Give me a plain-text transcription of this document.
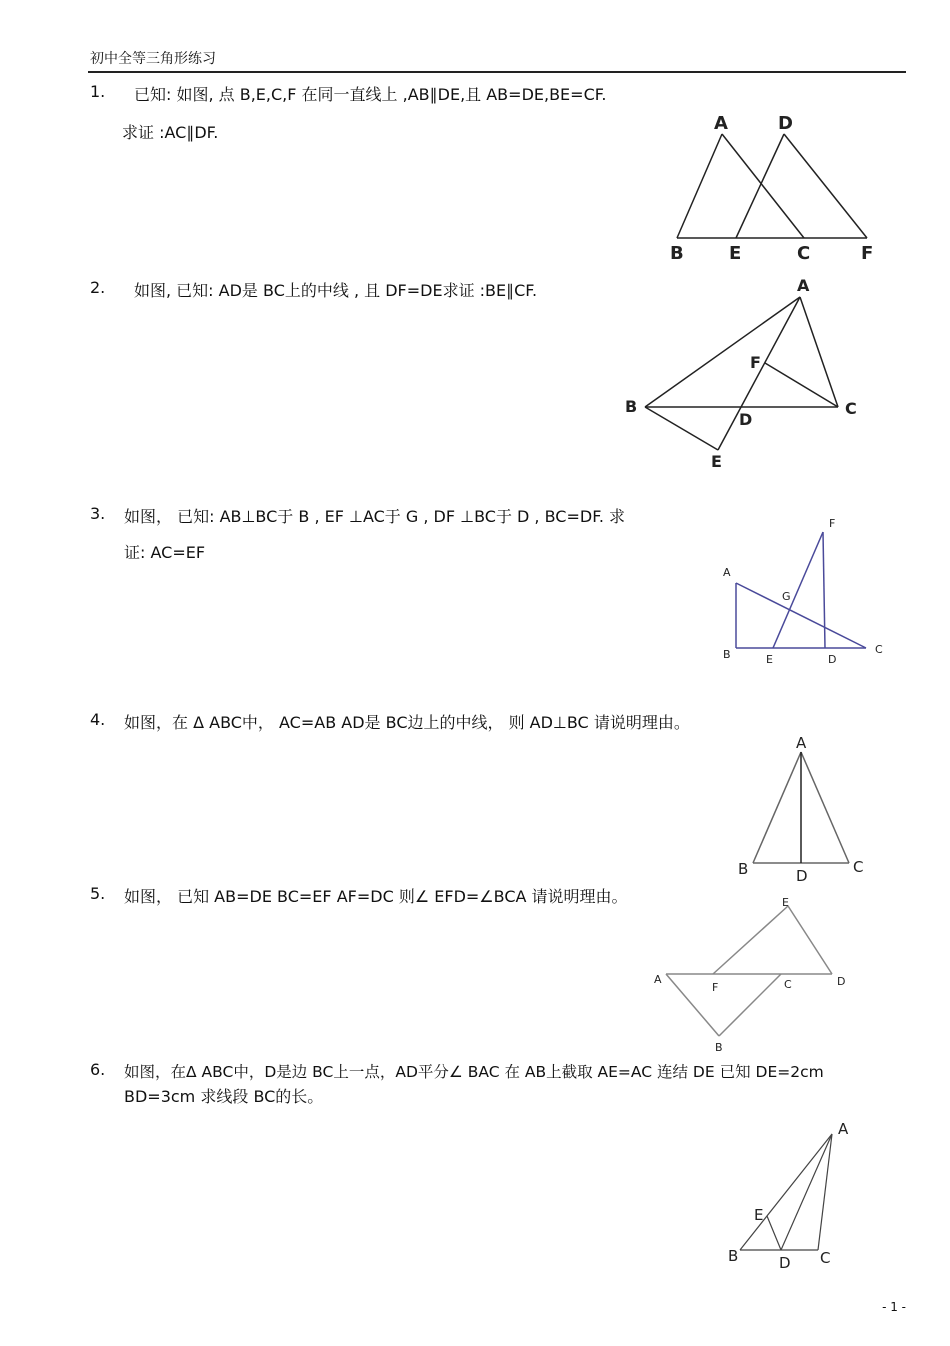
初中全等三角形练习
1. 已知: 如图, 点 B,E,C,F 在同一直线上 ,AB∥DE,且 AB=DE,BE=CF.
求证 :AC∥DF.	A	D
B	E	C	F
2. 如图, 已知: AD是 BC上的中线 , 且 DF=DE求证 :BE∥CF.	A
F
B
D
C
E
3. 如图， 已知: AB⊥BC于 B , EF ⊥AC于 G , DF ⊥BC于 D , BC=DF. 求
证: AC=EF
F
A
G
B	E	D
C
4. 如图，在 Δ ABC中， AC=AB AD是 BC边上的中线， 则 AD⊥BC 请说明理由。
A
B	D	C
5. 如图， 已知 AB=DE BC=EF AF=DC 则∠ EFD=∠BCA 请说明理由。	E
A
F	C	D
B
6. 如图，在Δ ABC中，D是边 BC上一点，AD平分∠ BAC 在 AB上截取 AE=AC 连结 DE 已知 DE=2cm
BD=3cm 求线段 BC的长。
A
E
B	D C
- 1 -
